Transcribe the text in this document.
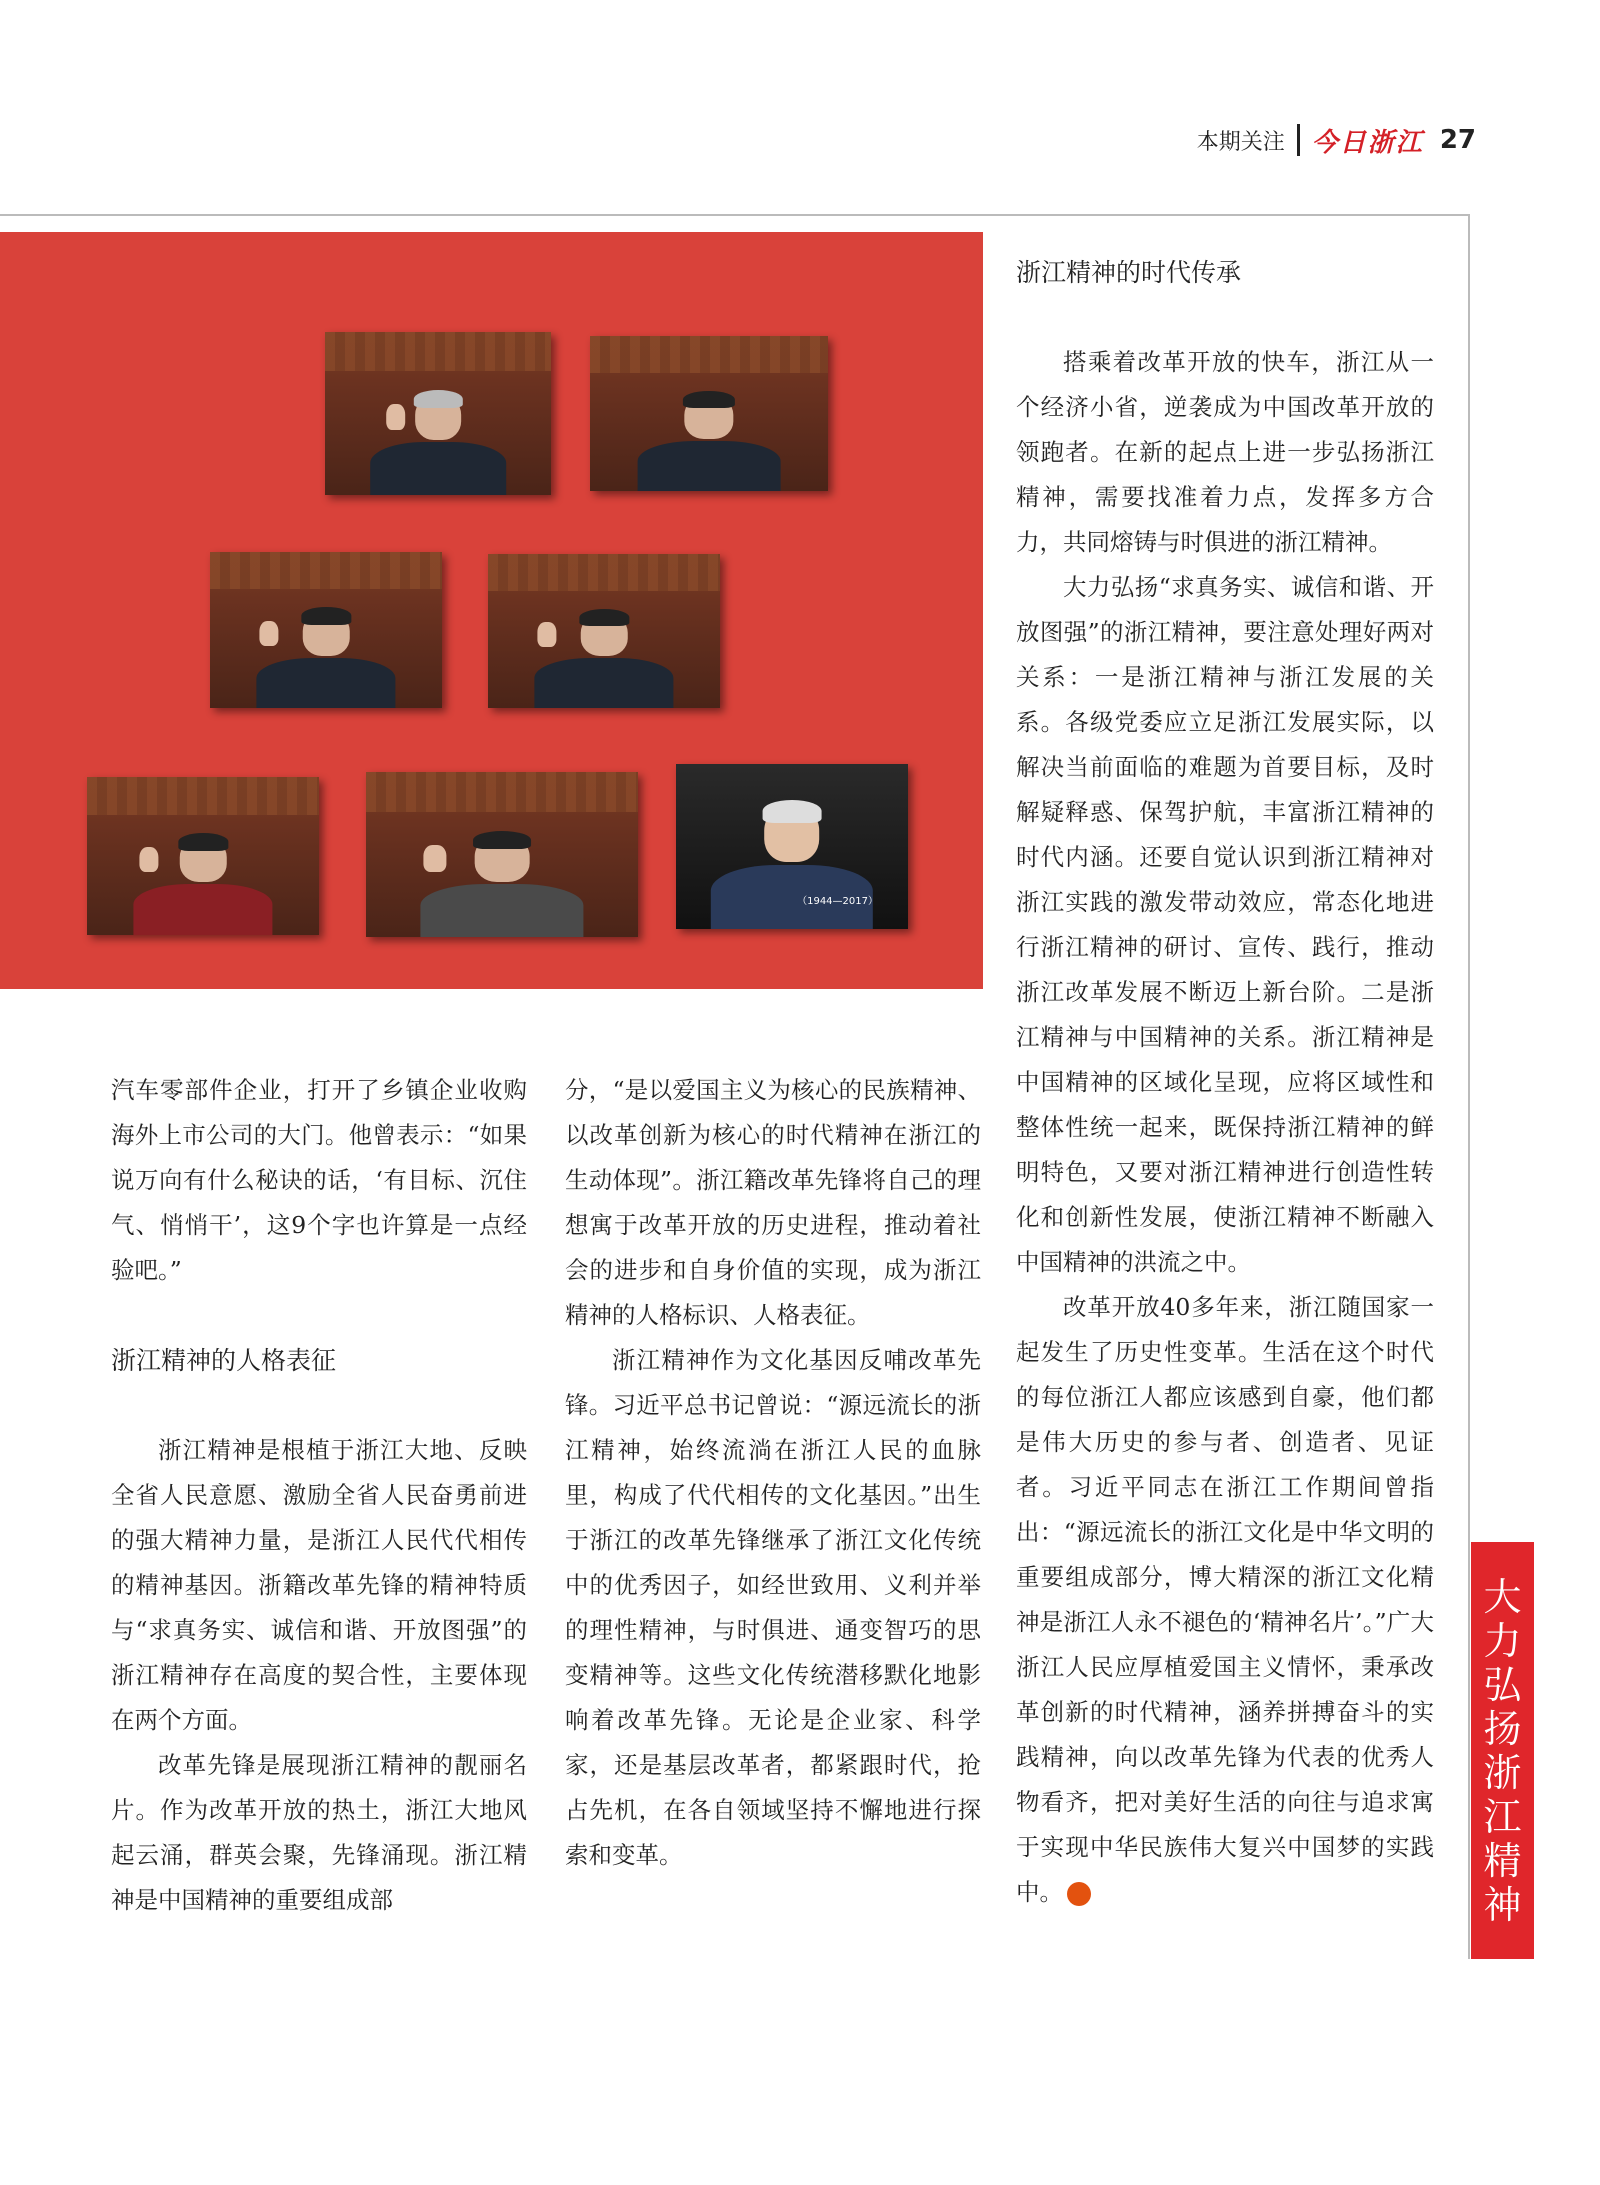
本期关注 今日浙江 27
（1944—2017）

汽车零部件企业，打开了乡镇企业收购海外上市公司的大门。他曾表示：“如果说万向有什么秘诀的话，‘有目标、沉住气、悄悄干’，这9个字也许算是一点经验吧。”

浙江精神的人格表征

浙江精神是根植于浙江大地、反映全省人民意愿、激励全省人民奋勇前进的强大精神力量，是浙江人民代代相传的精神基因。浙籍改革先锋的精神特质与“求真务实、诚信和谐、开放图强”的浙江精神存在高度的契合性，主要体现在两个方面。

改革先锋是展现浙江精神的靓丽名片。作为改革开放的热土，浙江大地风起云涌，群英会聚，先锋涌现。浙江精神是中国精神的重要组成部

分，“是以爱国主义为核心的民族精神、以改革创新为核心的时代精神在浙江的生动体现”。浙江籍改革先锋将自己的理想寓于改革开放的历史进程，推动着社会的进步和自身价值的实现，成为浙江精神的人格标识、人格表征。

浙江精神作为文化基因反哺改革先锋。习近平总书记曾说：“源远流长的浙江精神，始终流淌在浙江人民的血脉里，构成了代代相传的文化基因。”出生于浙江的改革先锋继承了浙江文化传统中的优秀因子，如经世致用、义利并举的理性精神，与时俱进、通变智巧的思变精神等。这些文化传统潜移默化地影响着改革先锋。无论是企业家、科学家，还是基层改革者，都紧跟时代，抢占先机，在各自领域坚持不懈地进行探索和变革。

浙江精神的时代传承

搭乘着改革开放的快车，浙江从一个经济小省，逆袭成为中国改革开放的领跑者。在新的起点上进一步弘扬浙江精神，需要找准着力点，发挥多方合力，共同熔铸与时俱进的浙江精神。

大力弘扬“求真务实、诚信和谐、开放图强”的浙江精神，要注意处理好两对关系：一是浙江精神与浙江发展的关系。各级党委应立足浙江发展实际，以解决当前面临的难题为首要目标，及时解疑释惑、保驾护航，丰富浙江精神的时代内涵。还要自觉认识到浙江精神对浙江实践的激发带动效应，常态化地进行浙江精神的研讨、宣传、践行，推动浙江改革发展不断迈上新台阶。二是浙江精神与中国精神的关系。浙江精神是中国精神的区域化呈现，应将区域性和整体性统一起来，既保持浙江精神的鲜明特色，又要对浙江精神进行创造性转化和创新性发展，使浙江精神不断融入中国精神的洪流之中。

改革开放40多年来，浙江随国家一起发生了历史性变革。生活在这个时代的每位浙江人都应该感到自豪，他们都是伟大历史的参与者、创造者、见证者。习近平同志在浙江工作期间曾指出：“源远流长的浙江文化是中华文明的重要组成部分，博大精深的浙江文化精神是浙江人永不褪色的‘精神名片’。”广大浙江人民应厚植爱国主义情怀，秉承改革创新的时代精神，涵养拼搏奋斗的实践精神，向以改革先锋为代表的优秀人物看齐，把对美好生活的向往与追求寓于实现中华民族伟大复兴中国梦的实践中。	今

大
力
弘
扬
浙
江
精
神
